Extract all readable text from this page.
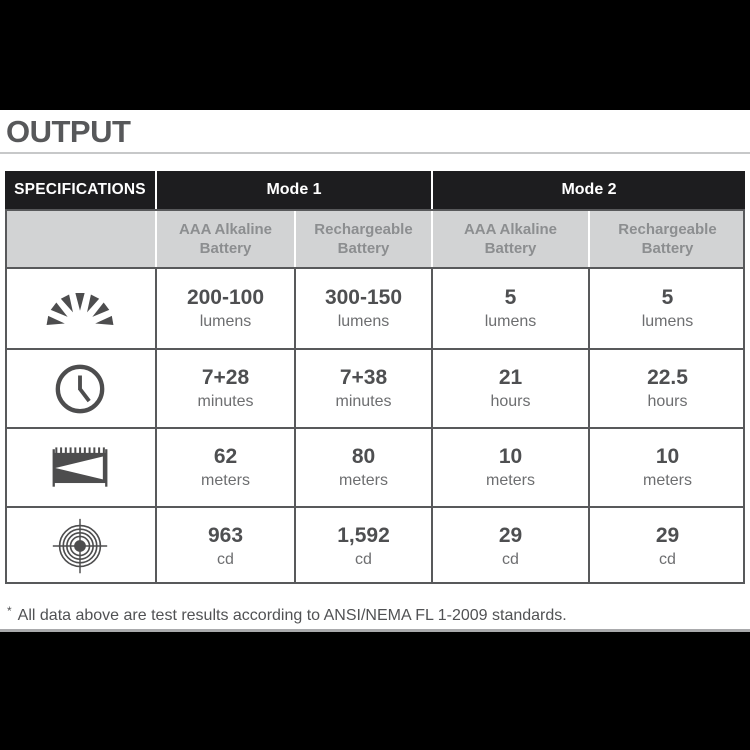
OUTPUT
SPECIFICATIONS	Mode 1	Mode 2
AAA Alkaline
Battery
Rechargeable
Battery
AAA Alkaline
Battery
Rechargeable
Battery
200-100
lumens
300-150
lumens
5
lumens
5
lumens
7+28
minutes
7+38
minutes
21
hours
22.5
hours
62
meters
80
meters
10
meters
10
meters
963
cd
1,592
cd
29
cd
29
cd

* All data above are test results according to ANSI/NEMA FL 1-2009 standards.
